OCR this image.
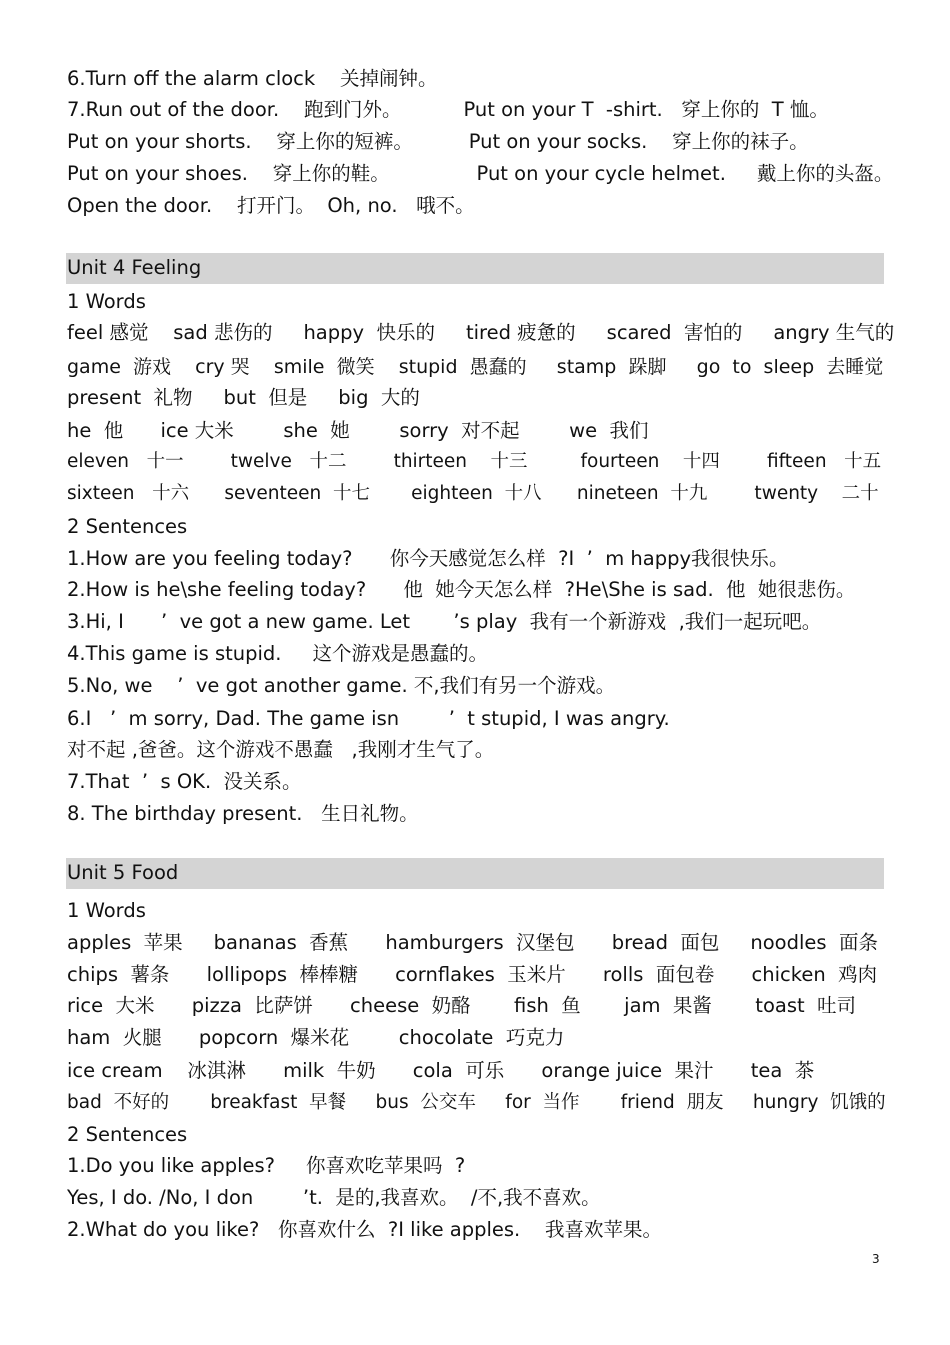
6.Turn off the alarm clock    关掉闹钟。
7.Run out of the door.    跑到门外。          Put on your T  -shirt.   穿上你的  T 恤。
Put on your shorts.    穿上你的短裤。         Put on your socks.    穿上你的袜子。
Put on your shoes.    穿上你的鞋。              Put on your cycle helmet.     戴上你的头盔。
Open the door.    打开门。  Oh, no.   哦不。
Unit 4 Feeling
1 Words
feel 感觉    sad 悲伤的     happy  快乐的     tired 疲惫的     scared  害怕的     angry 生气的
game  游戏    cry 哭    smile  微笑    stupid  愚蠢的     stamp  跺脚     go  to  sleep  去睡觉
present  礼物     but  但是     big  大的
he  他      ice 大米        she  她        sorry  对不起        we  我们
eleven   十一        twelve   十二        thirteen    十三         fourteen    十四        fifteen   十五
sixteen   十六      seventeen  十七       eighteen  十八      nineteen  十九        twenty    二十
2 Sentences
1.How are you feeling today?      你今天感觉怎么样  ?I  ’  m happy我很快乐。
2.How is he\she feeling today?      他  她今天怎么样  ?He\She is sad.  他  她很悲伤。
3.Hi, I      ’  ve got a new game. Let       ’s play  我有一个新游戏  ,我们一起玩吧。
4.This game is stupid.     这个游戏是愚蠢的。
5.No, we    ’  ve got another game. 不,我们有另一个游戏。
6.I   ’  m sorry, Dad. The game isn        ’  t stupid, I was angry.
对不起 ,爸爸。这个游戏不愚蠢   ,我刚才生气了。
7.That  ’  s OK.  没关系。
8. The birthday present.   生日礼物。
Unit 5 Food
1 Words
apples  苹果     bananas  香蕉      hamburgers  汉堡包      bread  面包     noodles  面条
chips  薯条      lollipops  棒棒糖      cornflakes  玉米片      rolls  面包卷      chicken  鸡肉
rice  大米      pizza  比萨饼      cheese  奶酪       fish  鱼       jam  果酱       toast  吐司
ham  火腿      popcorn  爆米花        chocolate  巧克力
ice cream    冰淇淋      milk  牛奶      cola  可乐      orange juice  果汁      tea  茶
bad  不好的       breakfast  早餐     bus  公交车     for  当作       friend  朋友     hungry  饥饿的
2 Sentences
1.Do you like apples?     你喜欢吃苹果吗  ?
Yes, I do. /No, I don        ’t.  是的,我喜欢。  /不,我不喜欢。
2.What do you like?   你喜欢什么  ?I like apples.    我喜欢苹果。
3
